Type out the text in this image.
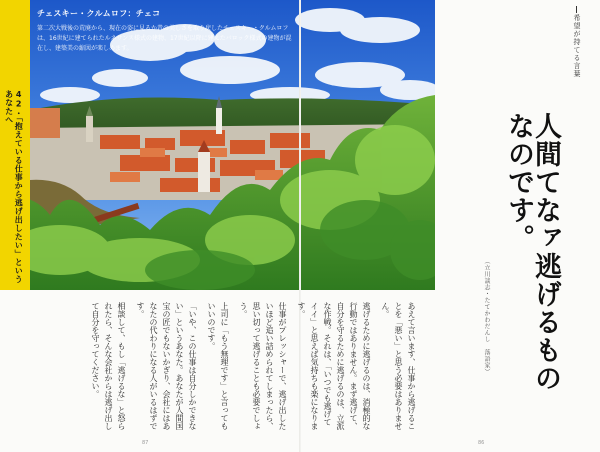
42・「抱えている仕事から逃げ出したい」というあなたへ

チェスキー・クルムロフ：チェコ

第二次大戦後の荒廃から、現在の姿に見るか昔の美しさを取り戻したチェスキー・クルムロフは、16世紀に建てられたルネサンス様式の建物、17世紀以降に建えたバロック様式の建物が混在し、建築美の縮図が楽しめます。	希望が持てる言葉
人間てなァ逃げるものなのです。
（立川談志・たてかわだんし　落語家）

あえて言います、仕事から逃げることを「悪い」と思う必要はありません。

逃げるために逃げるのは、消極的な行動ではありません。まず逃げて、自分を守るために逃げるのは、立派な作戦。それは、「いつでも逃げてイイ」と思えば気持ちも楽になります。

仕事がプレッシャーで、逃げ出したいほど追い詰められてしまったら、思い切って逃げることも必要でしょう。

上司に「もう無理です」と言ってもいいのです。

「いや、この仕事は自分しかできない」というあなた。あなたが人間国宝の匠でもないかぎり、会社にはあなたの代わりになる人がいるはずです。

相談して、もし「逃げるな」と怒られたら、そんな会社からは逃げ出して自分を守ってください。

87	86
